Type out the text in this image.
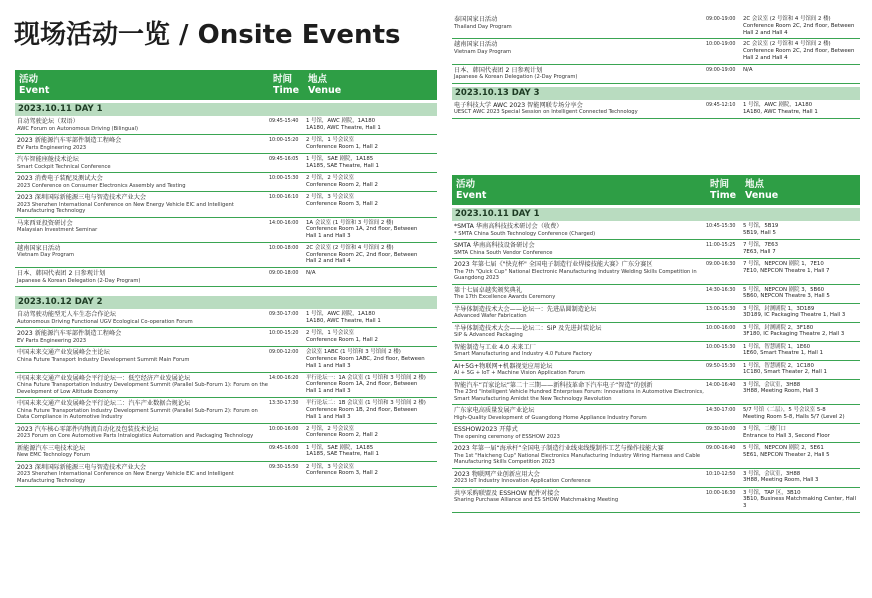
现场活动一览 / Onsite Events
活动
Event
时间
Time
地点
Venue
2023.10.11 DAY 1
自动驾驶论坛（双语）
AWC Forum on Autonomous Driving (Bilingual)
09:45-15:40	1 号馆，AWC 剧院，1A180
1A180, AWC Theatre, Hall 1
2023 新能源汽车零部件制造工程峰会
EV Parts Engineering 2023
10:00-15:20	2 号馆，1 号会议室
Conference Room 1, Hall 2
汽车智能座舱技术论坛
Smart Cockpit Technical Conference
09:45-16:05	1 号馆，SAE 剧院，1A185
1A185, SAE Theatre, Hall 1
2023 消费电子装配及测试大会
2023 Conference on Consumer Electronics Assembly and Testing
10:00-15:30	2 号馆，2 号会议室
Conference Room 2, Hall 2
2023 深圳国际新能源三电与智造技术产业大会
2023 Shenzhen International Conference on New Energy Vehicle EIC and Intelligent Manufacturing Technology
10:00-16:10	2 号馆，3 号会议室
Conference Room 3, Hall 2
马来西亚投资研讨会
Malaysian Investment Seminar
14:00-16:00	1A 会议室 (1 号馆和 3 号馆间 2 楼)
Conference Room 1A, 2nd floor, Between
Hall 1 and Hall 3
越南国家日活动
Vietnam Day Program
10:00-18:00	2C 会议室 (2 号馆和 4 号馆间 2 楼)
Conference Room 2C, 2nd floor, Between
Hall 2 and Hall 4
日本、韩国代表团 2 日参观计划
Japanese & Korean Delegation (2-Day Program)
09:00-18:00	N/A
2023.10.12 DAY 2
自动驾驶功能型无人车生态合作论坛
Autonomous Driving Functional UGV Ecological Co-operation Forum
09:30-17:00	1 号馆，AWC 剧院，1A180
1A180, AWC Theatre, Hall 1
2023 新能源汽车零部件制造工程峰会
EV Parts Engineering 2023
10:00-15:20	2 号馆，1 号会议室
Conference Room 1, Hall 2
中国未来交通产业发展峰会主论坛
China Future Transport Industry Development Summit Main Forum
09:00-12:00	会议室 1ABC (1 号馆和 3 号馆间 2 楼)
Conference Room 1ABC, 2nd floor, Between
Hall 1 and Hall 3
中国未来交通产业发展峰会平行论坛一：低空经济产业发展论坛
China Future Transportation Industry Development Summit (Parallel Sub-Forum 1): Forum on the Development of Low Altitude Economy
14:00-16:20	平行论坛一：1A 会议室 (1 号馆和 3 号馆间 2 楼)
Conference Room 1A, 2nd floor, Between
Hall 1 and Hall 3
中国未来交通产业发展峰会平行论坛二：汽车产业数据合规论坛
China Future Transportation Industry Development Summit (Parallel Sub-Forum 2): Forum on Data Compliance in Automotive Industry
13:30-17:30	平行论坛二：1B 会议室 (1 号馆和 3 号馆间 2 楼)
Conference Room 1B, 2nd floor, Between
Hall 1 and Hall 3
2023 汽车核心零部件内物流自动化及包装技术论坛
2023 Forum on Core Automotive Parts Intralogistics Automation and Packaging Technology
10:00-16:00	2 号馆，2 号会议室
Conference Room 2, Hall 2
新能源汽车三电技术论坛
New EMC Technology Forum
09:45-16:00	1 号馆，SAE 剧院，1A185
1A185, SAE Theatre, Hall 1
2023 深圳国际新能源三电与智造技术产业大会
2023 Shenzhen International Conference on New Energy Vehicle EIC and Intelligent Manufacturing Technology
09:30-15:50	2 号馆，3 号会议室
Conference Room 3, Hall 2
泰国国家日活动
Thailand Day Program
09:00-19:00	2C 会议室 (2 号馆和 4 号馆间 2 楼)
Conference Room 2C, 2nd floor, Between
Hall 2 and Hall 4
越南国家日活动
Vietnam Day Program
10:00-19:00	2C 会议室 (2 号馆和 4 号馆间 2 楼)
Conference Room 2C, 2nd floor, Between
Hall 2 and Hall 4
日本、韩国代表团 2 日参观计划
Japanese & Korean Delegation (2-Day Program)
09:00-19:00	N/A
2023.10.13 DAY 3
电子科技大学 AWC 2023 智能网联专场分享会
UESCT AWC 2023 Special Session on Intelligent Connected Technology
09:45-12:10	1 号馆，AWC 剧院，1A180
1A180, AWC Theatre, Hall 1
活动
Event
时间
Time
地点
Venue
2023.10.11 DAY 1
*SMTA 华南高科技技术研讨会（收费）
* SMTA China South Technology Conference (Charged)
10:45-15:30	5 号馆，5B19
5B19, Hall 5
SMTA 华南高科技设备研讨会
SMTA China South Vendor Conference
11:00-15:25	7 号馆，7E63
7E63, Hall 7
2023 年第七届《"快克杯" 全国电子制造行业焊接技能大赛》广东分赛区
The 7th "Quick Cup" National Electronic Manufacturing Industry Welding Skills Competition in Guangdong 2023
09:00-16:30	7 号馆，NEPCON 剧院 1，7E10
7E10, NEPCON Theatre 1, Hall 7
第十七届卓越奖颁奖典礼
The 17th Excellence Awards Ceremony
14:30-16:30	5 号馆，NEPCON 剧院 3，5B60
5B60, NEPCON Theatre 3, Hall 5
半导体制造技术大会——论坛一：先进晶圆制造论坛
Advanced Wafer Fabrication
13:00-15:30	3 号馆，封测剧院 1，3D189
3D189, IC Packaging Theatre 1, Hall 3
半导体制造技术大会——论坛二：SiP 及先进封装论坛
SiP & Advanced Packaging
10:00-16:00	3 号馆，封测剧院 2，3F180
3F180, IC Packaging Theatre 2, Hall 3
智能制造与工业 4.0 未来工厂
Smart Manufacturing and Industry 4.0 Future Factory
10:00-15:30	1 号馆，智慧剧院 1，1E60
1E60, Smart Theatre 1, Hall 1
AI+5G+物联网+机器视觉应用论坛
AI + 5G + IoT + Machine Vision Application Forum
09:50-15:30	1 号馆，智慧剧院 2，1C180
1C180, Smart Theater 2, Hall 1
智能汽车“百家论坛”第二十三期——新科技革命下汽车电子“智造”的创新
The 23rd "Intelligent Vehicle Hundred Enterprises Forum: Innovations in Automotive Electronics, Smart Manufacturing Amidst the New Technology Revolution
14:00-16:40	3 号馆，会议室，3H88
3H88, Meeting Room, Hall 3
广东家电高质量发展产业论坛
High-Quality Development of Guangdong Home Appliance Industry Forum
14:30-17:00	5/7 号馆（二层），5 号会议室 5-8
Meeting Room 5-8, Halls 5/7 (Level 2)
ESSHOW2023 开幕式
The opening ceremony of ESSHOW 2023
09:30-10:00	3 号馆，二楼门口
Entrance to Hall 3, Second Floor
2023 年第一届“海承杆”全国电子制造行业线束线缆制作工艺与操作技能大赛
The 1st "Haicheng Cup" National Electronics Manufacturing Industry Wiring Harness and Cable Manufacturing Skills Competition 2023
09:00-16:40	5 号馆，NEPCON 剧院 2，5E61
5E61, NEPCON Theater 2, Hall 5
2023 物联网产业创新应用大会
2023 IoT Industry Innovation Application Conference
10:10-12:50	3 号馆，会议室，3H88
3H88, Meeting Room, Hall 3
共享采购联盟及 ESSHOW 配件对接会
Sharing Purchase Alliance and ES SHOW Matchmaking Meeting
10:00-16:30	3 号馆，TAP 区，3B10
3B10, Business Matchmaking Center, Hall 3
